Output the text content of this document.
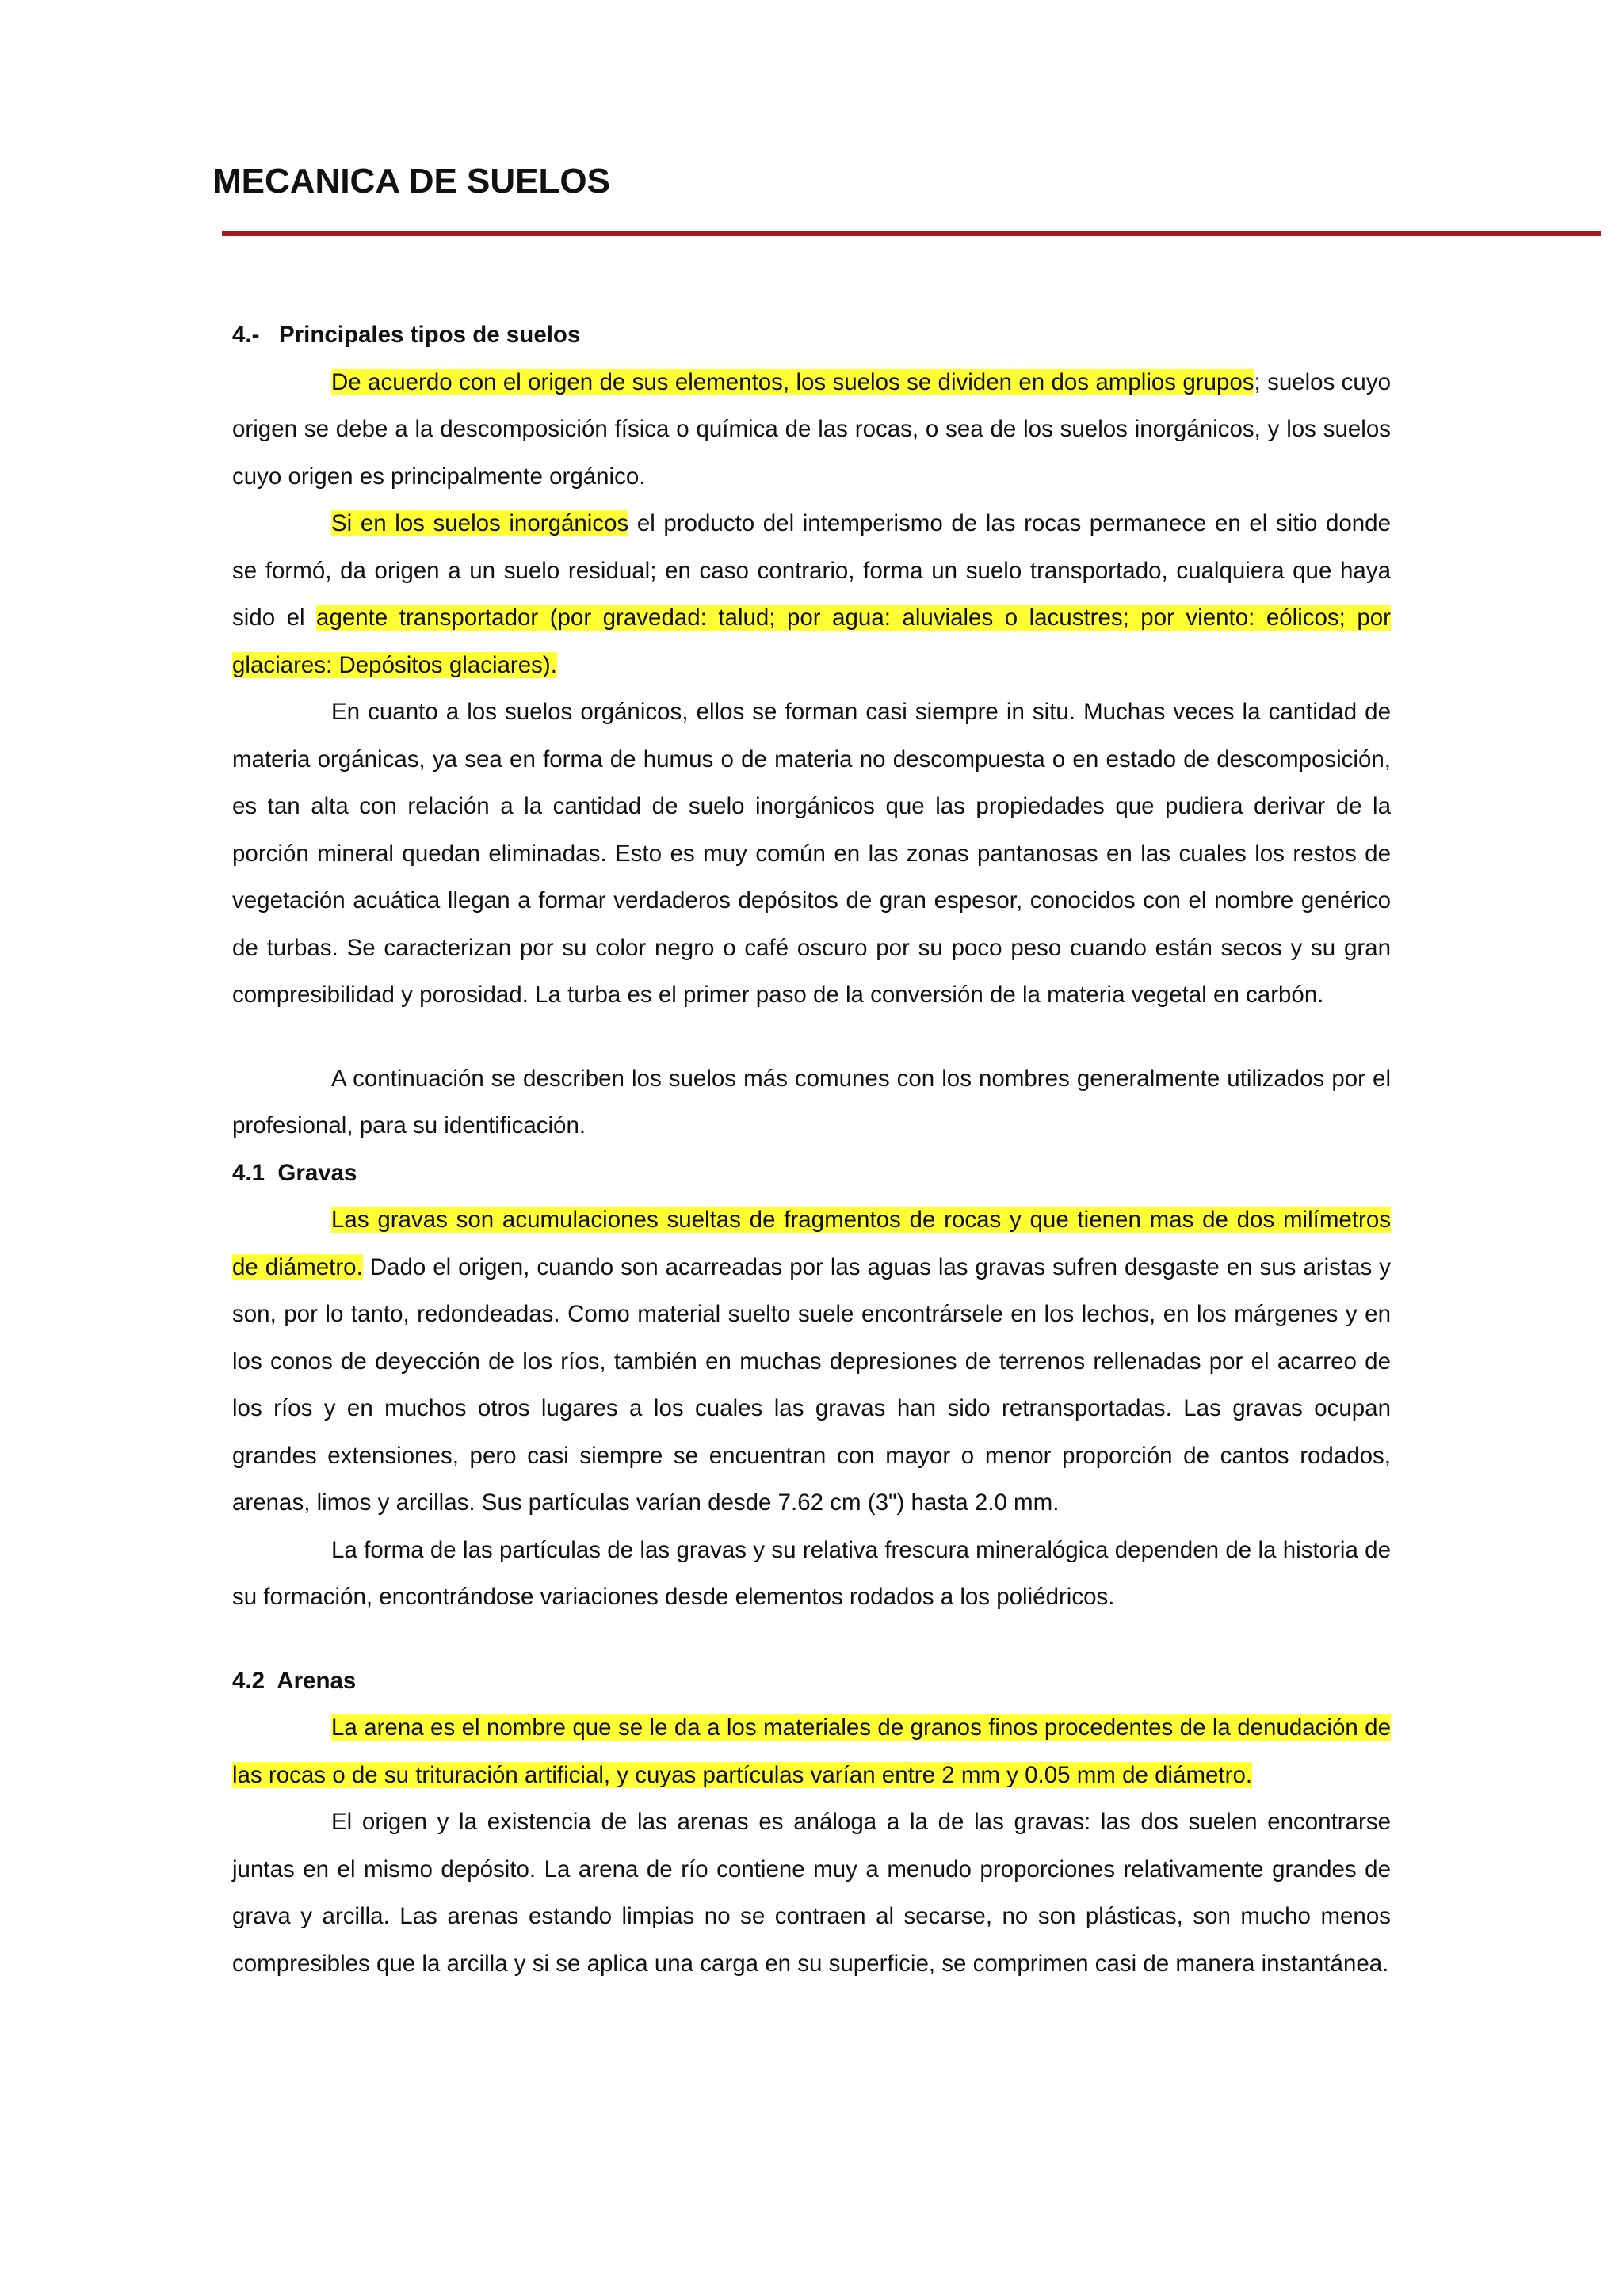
MECANICA DE SUELOS
4.-   Principales tipos de suelos

De acuerdo con el origen de sus elementos, los suelos se dividen en dos amplios grupos; suelos cuyo origen se debe a la descomposición física o química de las rocas, o sea de los suelos inorgánicos, y los suelos cuyo origen es principalmente orgánico.

Si en los suelos inorgánicos el producto del intemperismo de las rocas permanece en el sitio donde se formó, da origen a un suelo residual; en caso contrario, forma un suelo transportado, cualquiera que haya sido el agente transportador (por gravedad: talud; por agua: aluviales o lacustres; por viento: eólicos; por glaciares: Depósitos glaciares).

En cuanto a los suelos orgánicos, ellos se forman casi siempre in situ. Muchas veces la cantidad de materia orgánicas, ya sea en forma de humus o de materia no descompuesta o en estado de descomposición, es tan alta con relación a la cantidad de suelo inorgánicos que las propiedades que pudiera derivar de la porción mineral quedan eliminadas. Esto es muy común en las zonas pantanosas en las cuales los restos de vegetación acuática llegan a formar verdaderos depósitos de gran espesor, conocidos con el nombre genérico de turbas. Se caracterizan por su color negro o café oscuro por su poco peso cuando están secos y su gran compresibilidad y porosidad. La turba es el primer paso de la conversión de la materia vegetal en carbón.

A continuación se describen los suelos más comunes con los nombres generalmente utilizados por el profesional, para su identificación.

4.1  Gravas

Las gravas son acumulaciones sueltas de fragmentos de rocas y que tienen mas de dos milímetros de diámetro. Dado el origen, cuando son acarreadas por las aguas las gravas sufren desgaste en sus aristas y son, por lo tanto, redondeadas. Como material suelto suele encontrársele en los lechos, en los márgenes y en los conos de deyección de los ríos, también en muchas depresiones de terrenos rellenadas por el acarreo de los ríos y en muchos otros lugares a los cuales las gravas han sido retransportadas. Las gravas ocupan grandes extensiones, pero casi siempre se encuentran con mayor o menor proporción de cantos rodados, arenas, limos y arcillas. Sus partículas varían desde 7.62 cm (3") hasta 2.0 mm.

La forma de las partículas de las gravas y su relativa frescura mineralógica dependen de la historia de su formación, encontrándose variaciones desde elementos rodados a los poliédricos.

4.2  Arenas

La arena es el nombre que se le da a los materiales de granos finos procedentes de la denudación de las rocas o de su trituración artificial, y cuyas partículas varían entre 2 mm y 0.05 mm de diámetro.

El origen y la existencia de las arenas es análoga a la de las gravas: las dos suelen encontrarse juntas en el mismo depósito. La arena de río contiene muy a menudo proporciones relativamente grandes de grava y arcilla. Las arenas estando limpias no se contraen al secarse, no son plásticas, son mucho menos compresibles que la arcilla y si se aplica una carga en su superficie, se comprimen casi de manera instantánea.
